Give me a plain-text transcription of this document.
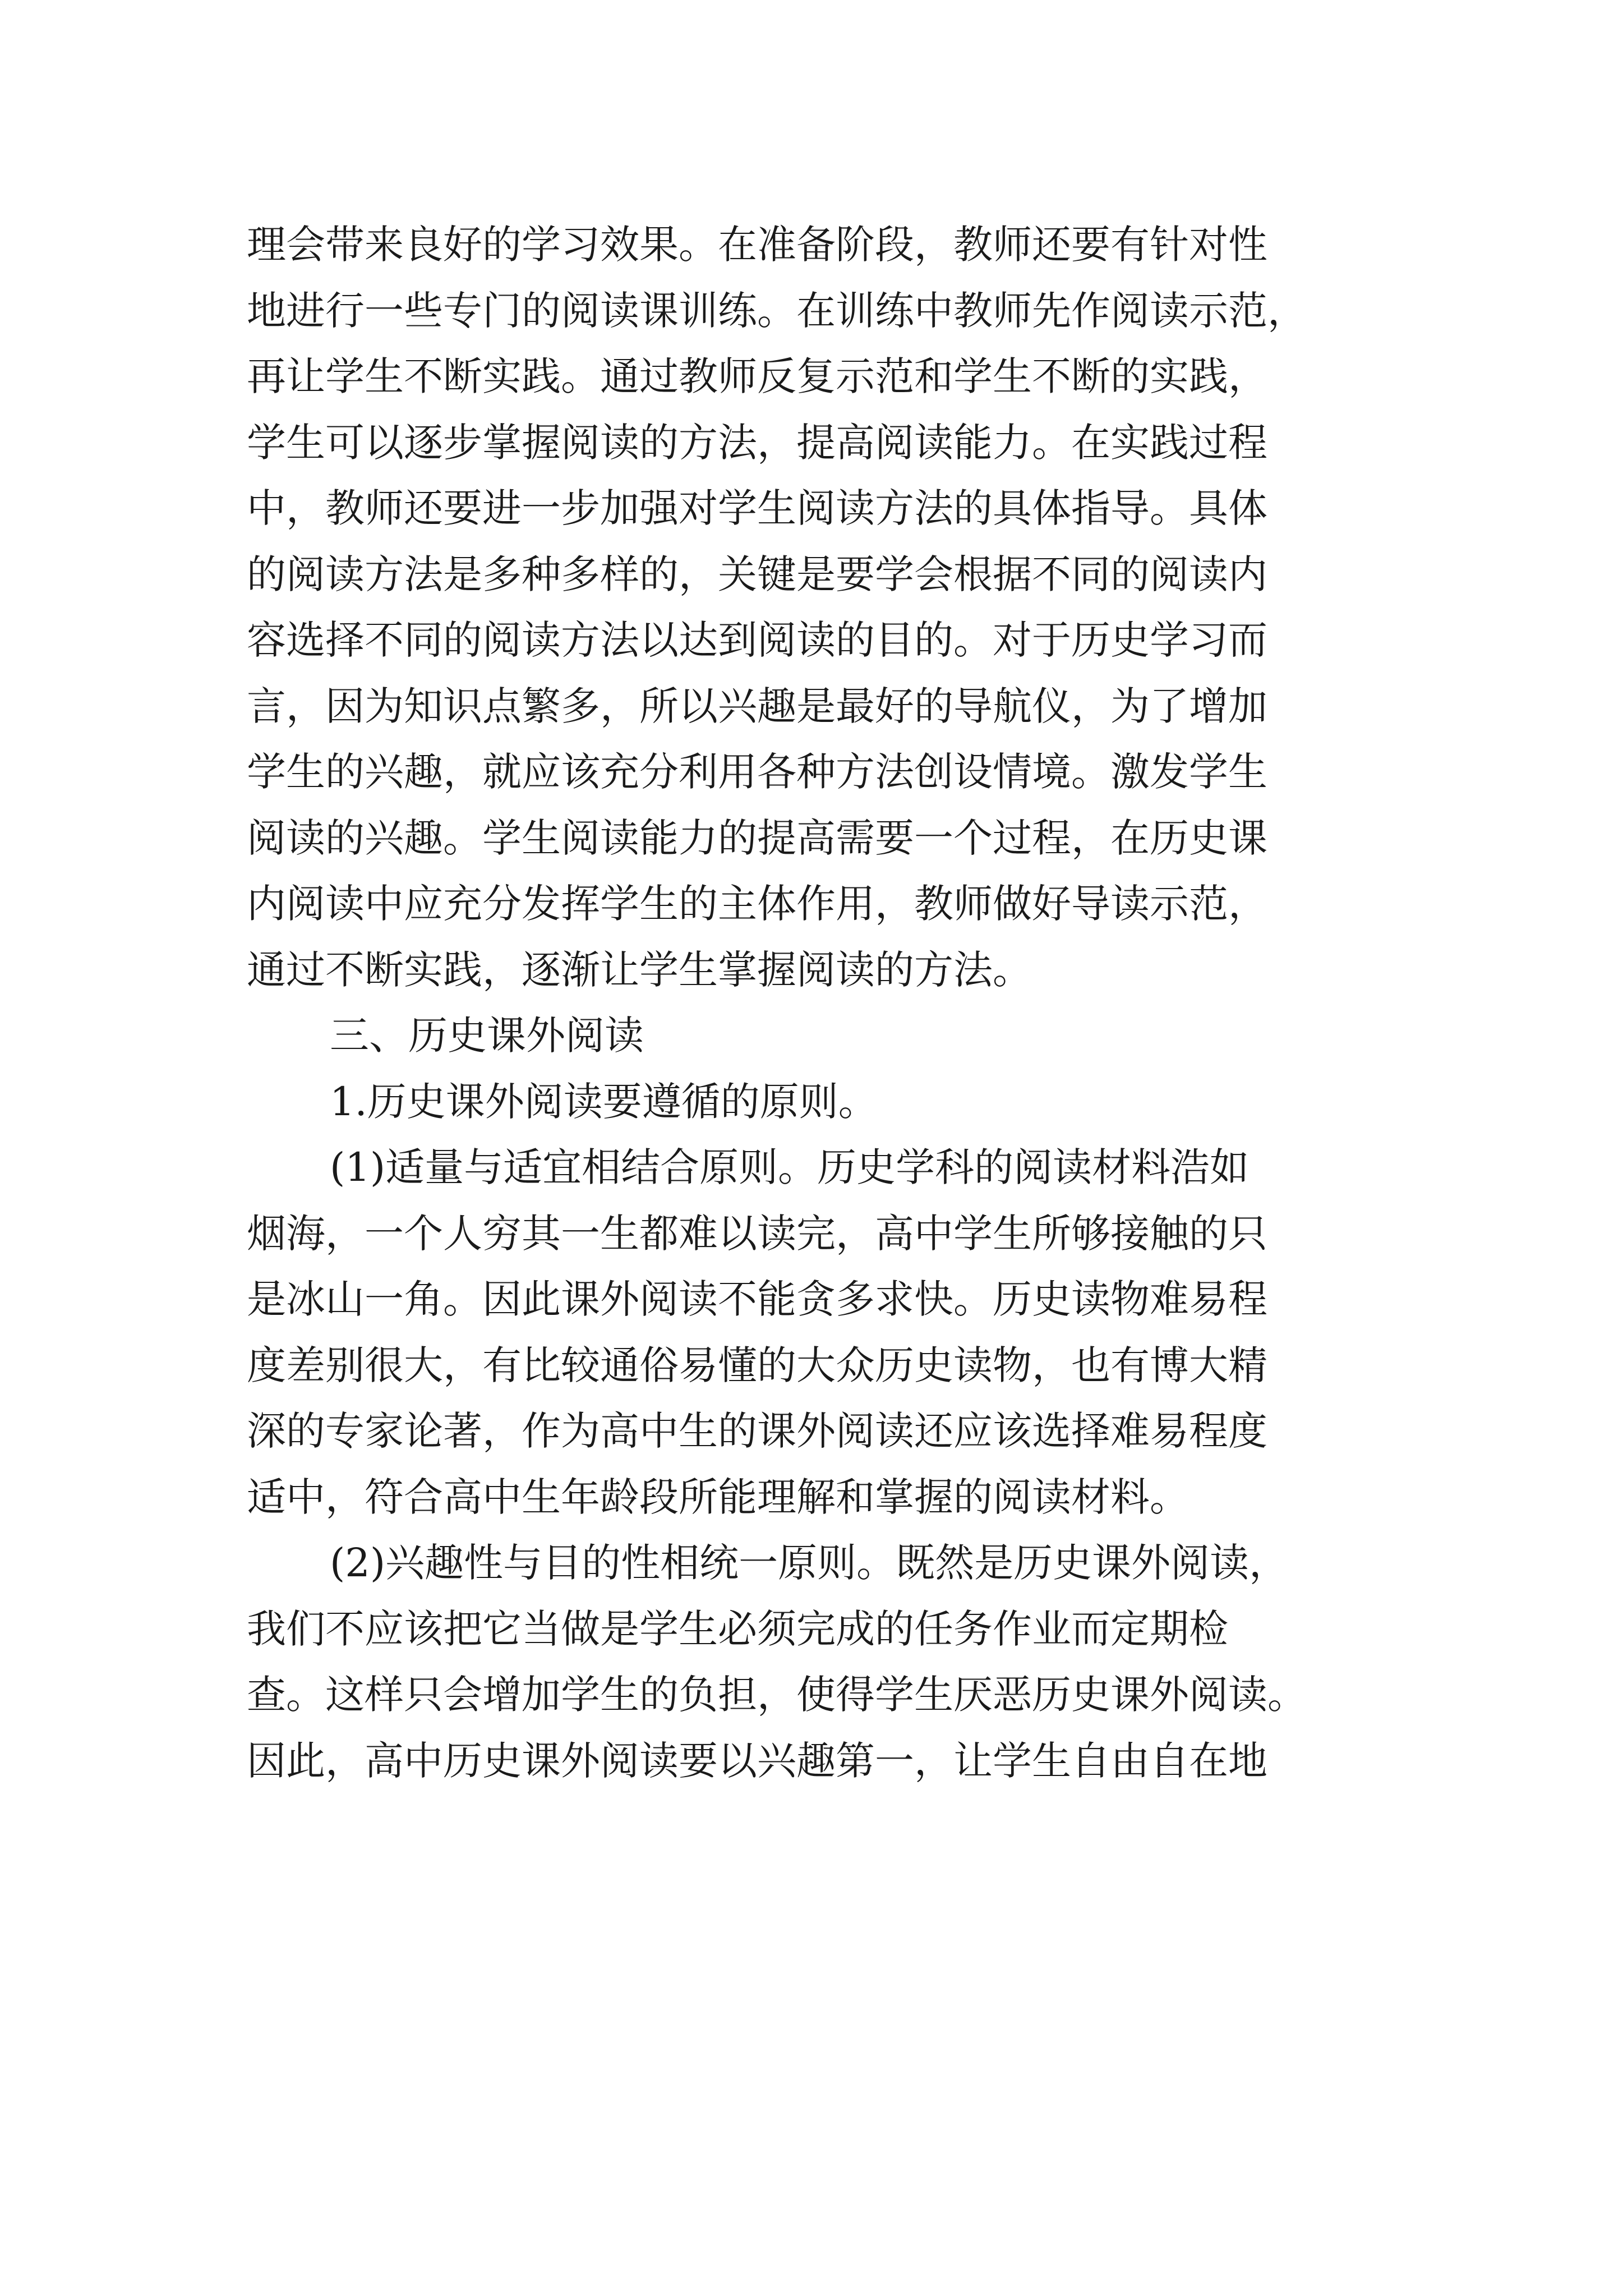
理会带来良好的学习效果。在准备阶段，教师还要有针对性
地进行一些专门的阅读课训练。在训练中教师先作阅读示范，
再让学生不断实践。通过教师反复示范和学生不断的实践，
学生可以逐步掌握阅读的方法，提高阅读能力。在实践过程
中，教师还要进一步加强对学生阅读方法的具体指导。具体
的阅读方法是多种多样的，关键是要学会根据不同的阅读内
容选择不同的阅读方法以达到阅读的目的。对于历史学习而
言，因为知识点繁多，所以兴趣是最好的导航仪，为了增加
学生的兴趣，就应该充分利用各种方法创设情境。激发学生
阅读的兴趣。学生阅读能力的提高需要一个过程，在历史课
内阅读中应充分发挥学生的主体作用，教师做好导读示范，
通过不断实践，逐渐让学生掌握阅读的方法。
三、历史课外阅读
1.历史课外阅读要遵循的原则。
(1)适量与适宜相结合原则。历史学科的阅读材料浩如
烟海，一个人穷其一生都难以读完，高中学生所够接触的只
是冰山一角。因此课外阅读不能贪多求快。历史读物难易程
度差别很大，有比较通俗易懂的大众历史读物，也有博大精
深的专家论著，作为高中生的课外阅读还应该选择难易程度
适中，符合高中生年龄段所能理解和掌握的阅读材料。
(2)兴趣性与目的性相统一原则。既然是历史课外阅读，
我们不应该把它当做是学生必须完成的任务作业而定期检
查。这样只会增加学生的负担，使得学生厌恶历史课外阅读。
因此，高中历史课外阅读要以兴趣第一，让学生自由自在地
